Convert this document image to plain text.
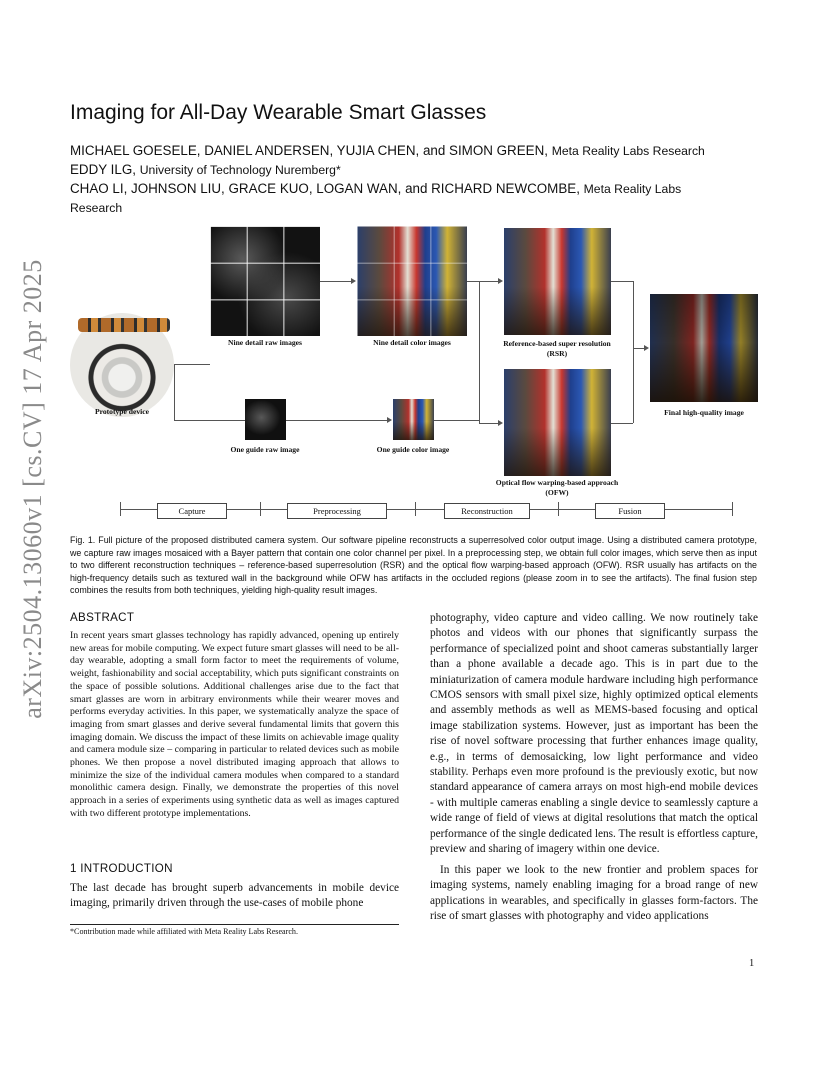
arXiv:2504.13060v1 [cs.CV] 17 Apr 2025
Imaging for All-Day Wearable Smart Glasses
MICHAEL GOESELE, DANIEL ANDERSEN, YUJIA CHEN, and SIMON GREEN, Meta Reality Labs Research
EDDY ILG, University of Technology Nuremberg*
CHAO LI, JOHNSON LIU, GRACE KUO, LOGAN WAN, and RICHARD NEWCOMBE, Meta Reality Labs
Research
Prototype device
Nine detail raw images	Nine detail color images	Reference-based super resolution
(RSR)
Optical flow warping-based approach
(OFW)
Final high-quality image
One guide raw image	One guide color image
Capture	Preprocessing	Reconstruction	Fusion
Fig. 1. Full picture of the proposed distributed camera system. Our software pipeline reconstructs a superresolved color output image. Using a distributed camera prototype, we capture raw images mosaiced with a Bayer pattern that contain one color channel per pixel. In a preprocessing step, we obtain full color images, which serve then as input to two different reconstruction techniques – reference-based superresolution (RSR) and the optical flow warping-based approach (OFW). RSR usually has artifacts on the high-frequency details such as textured wall in the background while OFW has artifacts in the occluded regions (please zoom in to see the artifacts). The final fusion step combines the results from both techniques, yielding high-quality result images.
ABSTRACT
In recent years smart glasses technology has rapidly advanced, opening up entirely new areas for mobile computing. We expect future smart glasses will need to be all-day wearable, adopting a small form factor to meet the requirements of volume, weight, fashionability and social acceptability, which puts significant constraints on the space of possible solutions. Additional challenges arise due to the fact that smart glasses are worn in arbitrary environments while their wearer moves and performs everyday activities. In this paper, we systematically analyze the space of imaging from smart glasses and derive several fundamental limits that govern this imaging domain. We discuss the impact of these limits on achievable image quality and camera module size – comparing in particular to related devices such as mobile phones. We then propose a novel distributed imaging approach that allows to minimize the size of the individual camera modules when compared to a standard monolithic camera design. Finally, we demonstrate the properties of this novel approach in a series of experiments using synthetic data as well as images captured with two different prototype implementations.
1 INTRODUCTION
The last decade has brought superb advancements in mobile device imaging, primarily driven through the use-cases of mobile phone
photography, video capture and video calling. We now routinely take photos and videos with our phones that significantly surpass the performance of specialized point and shoot cameras substantially larger than a phone available a decade ago. This is in part due to the miniaturization of camera module hardware including high performance CMOS sensors with small pixel size, highly optimized optical elements and assembly methods as well as MEMS-based focusing and optical image stabilization systems. However, just as important has been the rise of novel software processing that further enhances image quality, e.g., in terms of demosaicking, low light performance and video stability. Perhaps even more profound is the previously exotic, but now standard appearance of camera arrays on most high-end mobile devices - with multiple cameras enabling a single device to seamlessly capture a wide range of field of views at digital resolutions that match the optical performance of the single dedicated lens. The result is effortless capture, preview and sharing of imagery within one device.
In this paper we look to the new frontier and problem spaces for imaging systems, namely enabling imaging for a broad range of new applications in wearables, and specifically in glasses form-factors. The rise of smart glasses with photography and video applications
*Contribution made while affiliated with Meta Reality Labs Research.
1
